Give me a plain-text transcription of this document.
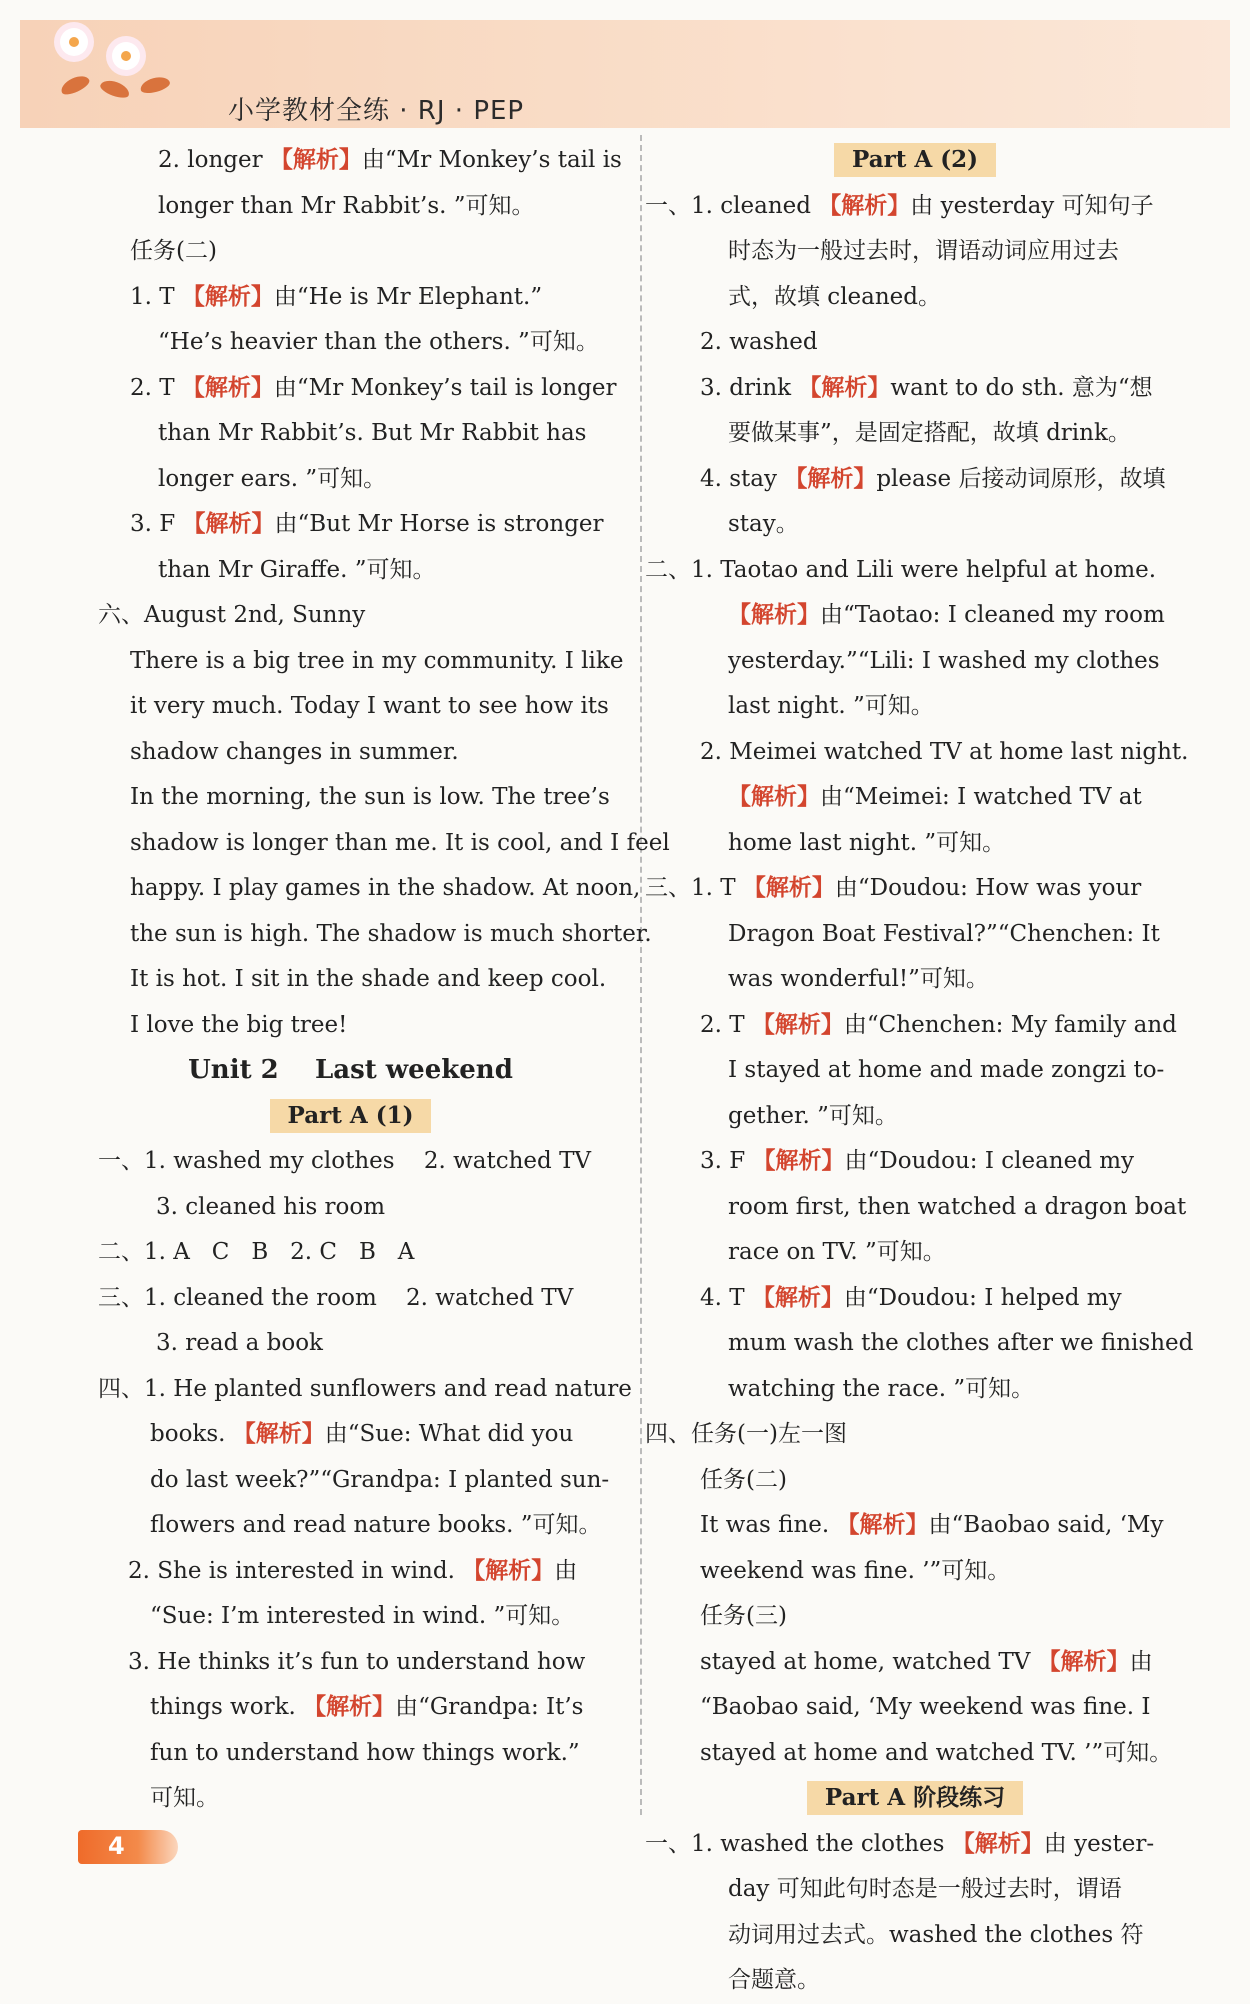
小学教材全练 · RJ · PEP
2. longer 【解析】由“Mr Monkey’s tail is
longer than Mr Rabbit’s. ”可知。
任务(二)
1. T 【解析】由“He is Mr Elephant.”
“He’s heavier than the others. ”可知。
2. T 【解析】由“Mr Monkey’s tail is longer
than Mr Rabbit’s. But Mr Rabbit has
longer ears. ”可知。
3. F 【解析】由“But Mr Horse is stronger
than Mr Giraffe. ”可知。
六、August 2nd, Sunny
There is a big tree in my community. I like
it very much. Today I want to see how its
shadow changes in summer.
In the morning, the sun is low. The tree’s
shadow is longer than me. It is cool, and I feel
happy. I play games in the shadow. At noon,
the sun is high. The shadow is much shorter.
It is hot. I sit in the shade and keep cool.
I love the big tree!
Unit 2    Last weekend
Part A (1)
一、1. washed my clothes    2. watched TV
3. cleaned his room
二、1. A   C   B   2. C   B   A
三、1. cleaned the room    2. watched TV
3. read a book
四、1. He planted sunflowers and read nature
books. 【解析】由“Sue: What did you
do last week?”“Grandpa: I planted sun-
flowers and read nature books. ”可知。
2. She is interested in wind. 【解析】由
“Sue: I’m interested in wind. ”可知。
3. He thinks it’s fun to understand how
things work. 【解析】由“Grandpa: It’s
fun to understand how things work.”
可知。
Part A (2)
一、1. cleaned 【解析】由 yesterday 可知句子
时态为一般过去时，谓语动词应用过去
式，故填 cleaned。
2. washed
3. drink 【解析】want to do sth. 意为“想
要做某事”，是固定搭配，故填 drink。
4. stay 【解析】please 后接动词原形，故填
stay。
二、1. Taotao and Lili were helpful at home.
【解析】由“Taotao: I cleaned my room
yesterday.”“Lili: I washed my clothes
last night. ”可知。
2. Meimei watched TV at home last night.
【解析】由“Meimei: I watched TV at
home last night. ”可知。
三、1. T 【解析】由“Doudou: How was your
Dragon Boat Festival?”“Chenchen: It
was wonderful!”可知。
2. T 【解析】由“Chenchen: My family and
I stayed at home and made zongzi to-
gether. ”可知。
3. F 【解析】由“Doudou: I cleaned my
room first, then watched a dragon boat
race on TV. ”可知。
4. T 【解析】由“Doudou: I helped my
mum wash the clothes after we finished
watching the race. ”可知。
四、任务(一)左一图
任务(二)
It was fine. 【解析】由“Baobao said, ‘My
weekend was fine. ’”可知。
任务(三)
stayed at home, watched TV 【解析】由
“Baobao said, ‘My weekend was fine. I
stayed at home and watched TV. ’”可知。
Part A 阶段练习
一、1. washed the clothes 【解析】由 yester-
day 可知此句时态是一般过去时，谓语
动词用过去式。washed the clothes 符
合题意。
4
